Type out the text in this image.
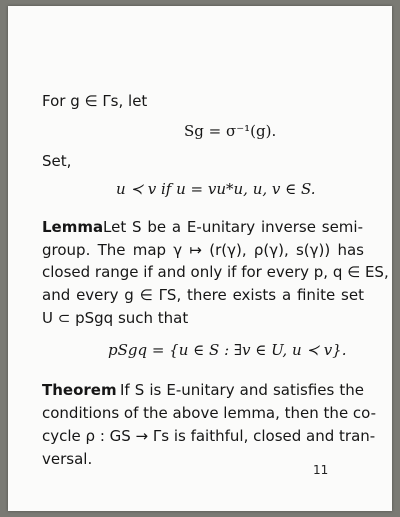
For g ∈ Γs, let
Sg = σ⁻¹(g).
Set,
u ≺ v if u = vu*u, u, v ∈ S.
Lemma Let S be a E-unitary inverse semi-
group. The map γ ↦ (r(γ), ρ(γ), s(γ)) has
closed range if and only if for every p, q ∈ ES,
and every g ∈ ΓS, there exists a finite set
U ⊂ pSgq such that
pSgq = {u ∈ S : ∃v ∈ U, u ≺ v}.
Theorem If S is E-unitary and satisfies the
conditions of the above lemma, then the co-
cycle ρ : GS → Γs is faithful, closed and tran-
versal.
11
